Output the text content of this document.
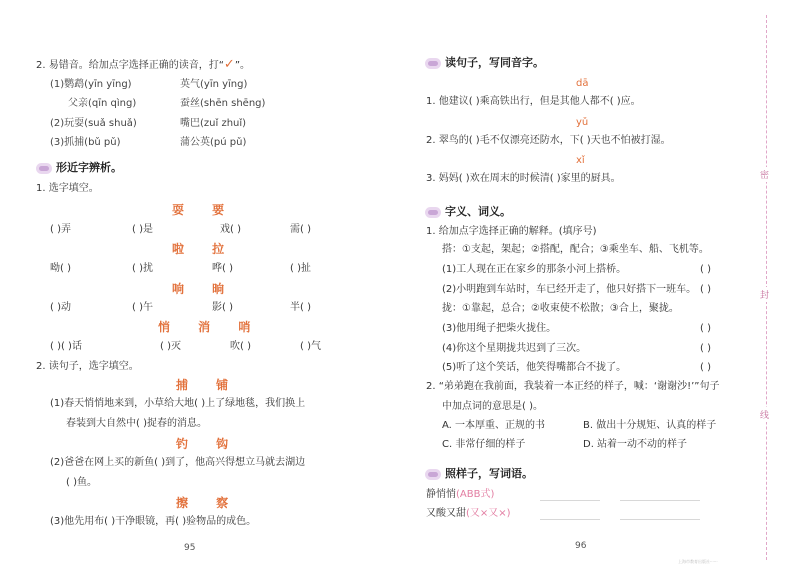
2. 易错音。给加点字选择正确的读音，打“✓”。
(1)鹦鹉(yīn yīng)	英气(yīn yīng)
父亲(qīn qìng)	蚕丝(shēn shēng)
(2)玩耍(suǎ shuǎ)	嘴巴(zuǐ zhuǐ)
(3)抓捕(bǔ pǔ)	蒲公英(pú pǔ)
形近字辨析。
1. 选字填空。
耍 要
( )弄	( )是	戏( )	需( )
啦 拉
呦( )	( )扰	哗( )	( )扯
响 晌
( )动	( )午	影( )	半( )
悄 消 哨
( )( )话	( )灭	吹( )	( )气
2. 读句子，选字填空。
捕 铺
(1)春天悄悄地来到，小草给大地( )上了绿地毯，我们换上
春装到大自然中( )捉春的消息。
钓 钩
(2)爸爸在网上买的新鱼( )到了，他高兴得想立马就去湖边
( )鱼。
擦 察
(3)他先用布( )干净眼镜，再( )验物品的成色。
95
读句子，写同音字。
dā
1. 他建议( )乘高铁出行，但是其他人都不( )应。
yǔ
2. 翠鸟的( )毛不仅漂亮还防水，下( )天也不怕被打湿。
xǐ
3. 妈妈( )欢在周末的时候清( )家里的厨具。
字义、词义。
1. 给加点字选择正确的解释。(填序号)
搭：①支起，架起；②搭配，配合；③乘坐车、船、飞机等。
(1)工人现在正在家乡的那条小河上搭桥。	( )
(2)小明跑到车站时，车已经开走了，他只好搭下一班车。 ( )
拢：①靠起，总合；②收束使不松散；③合上，聚拢。
(3)他用绳子把柴火拢住。	( )
(4)你这个星期拢共迟到了三次。	( )
(5)听了这个笑话，他笑得嘴都合不拢了。	( )
2. “弟弟跑在我前面，我装着一本正经的样子，喊：‘谢谢沙!’”句子
中加点词的意思是( )。
A. 一本厚重、正规的书	B. 做出十分规矩、认真的样子
C. 非常仔细的样子	D. 站着一动不动的样子
照样子，写词语。
静悄悄(ABB式)
又酸又甜(又×又×)
96
上海市教育出版社······
密
封
线
